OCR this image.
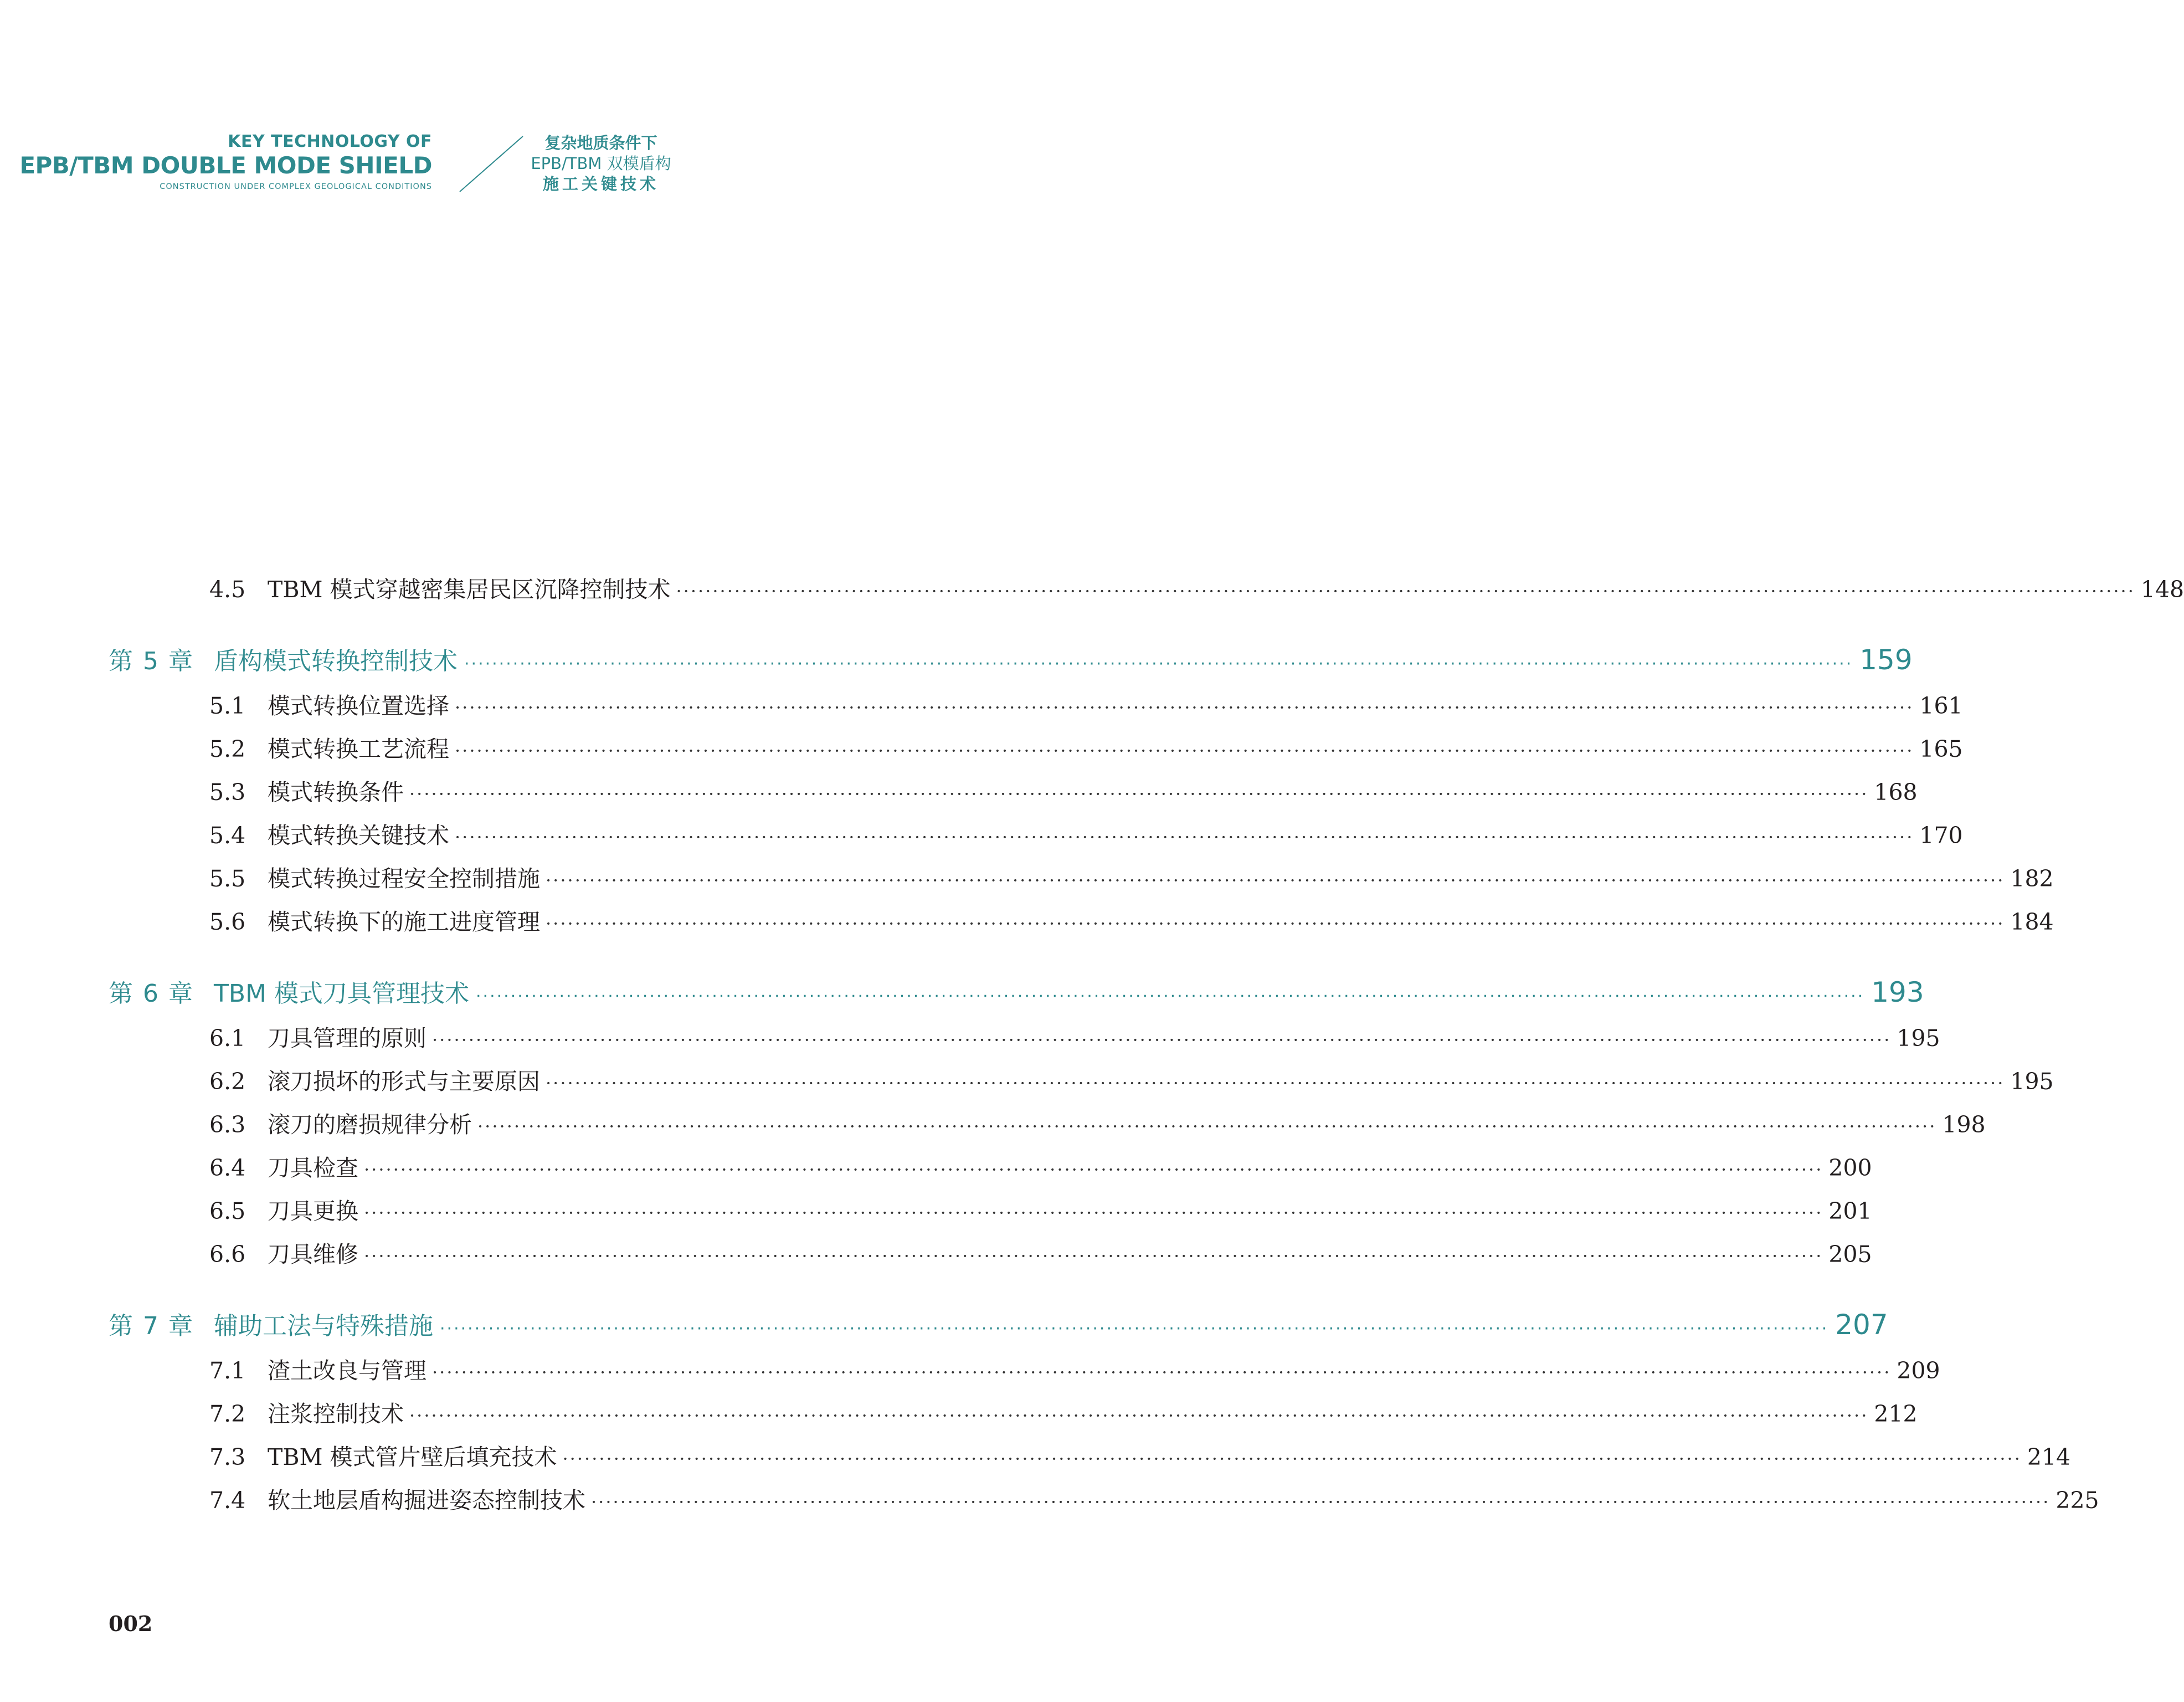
KEY TECHNOLOGY OF
EPB/TBM DOUBLE MODE SHIELD
CONSTRUCTION UNDER COMPLEX GEOLOGICAL CONDITIONS
复杂地质条件下
EPB/TBM 双模盾构
施工关键技术
4.5 TBM 模式穿越密集居民区沉降控制技术 ········································································································································································································ 148
第 5 章 盾构模式转换控制技术 ········································································································································································································ 159
5.1 模式转换位置选择 ········································································································································································································ 161
5.2 模式转换工艺流程 ········································································································································································································ 165
5.3 模式转换条件 ········································································································································································································ 168
5.4 模式转换关键技术 ········································································································································································································ 170
5.5 模式转换过程安全控制措施 ········································································································································································································ 182
5.6 模式转换下的施工进度管理 ········································································································································································································ 184
第 6 章 TBM 模式刀具管理技术 ········································································································································································································ 193
6.1 刀具管理的原则 ········································································································································································································ 195
6.2 滚刀损坏的形式与主要原因 ········································································································································································································ 195
6.3 滚刀的磨损规律分析 ········································································································································································································ 198
6.4 刀具检查 ········································································································································································································ 200
6.5 刀具更换 ········································································································································································································ 201
6.6 刀具维修 ········································································································································································································ 205
第 7 章 辅助工法与特殊措施 ········································································································································································································ 207
7.1 渣土改良与管理 ········································································································································································································ 209
7.2 注浆控制技术 ········································································································································································································ 212
7.3 TBM 模式管片壁后填充技术 ········································································································································································································ 214
7.4 软土地层盾构掘进姿态控制技术 ········································································································································································································ 225
002
